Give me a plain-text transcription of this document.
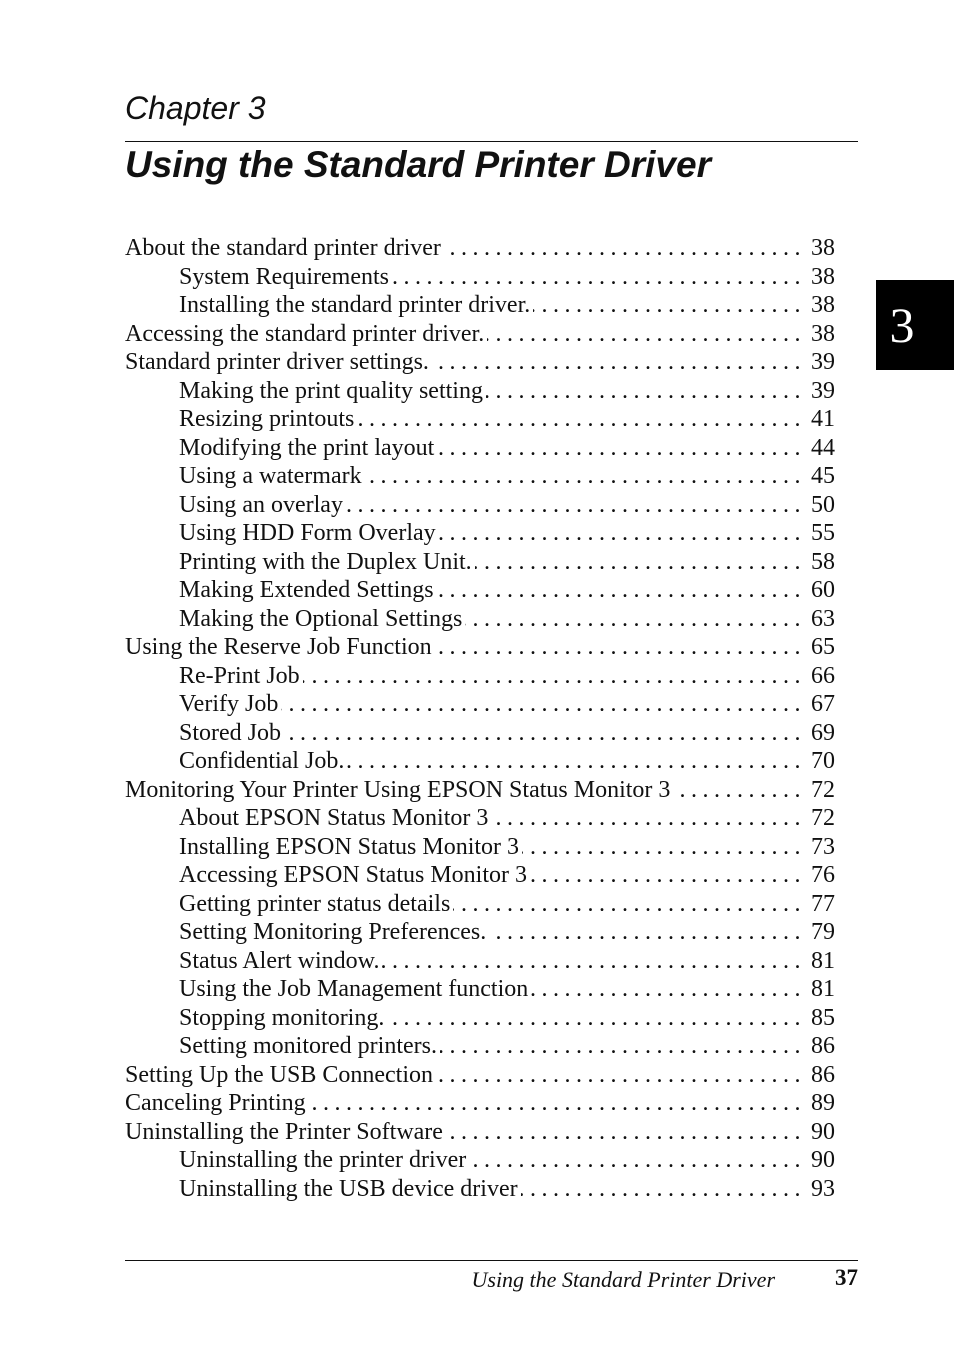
Chapter 3
Using the Standard Printer Driver
3
About the standard printer driver .....	38
System Requirements .....	38
Installing the standard printer driver. .....	38
Accessing the standard printer driver. .....	38
Standard printer driver settings. .....	39
Making the print quality setting .....	39
Resizing printouts .....	41
Modifying the print layout .....	44
Using a watermark .....	45
Using an overlay .....	50
Using HDD Form Overlay .....	55
Printing with the Duplex Unit. .....	58
Making Extended Settings .....	60
Making the Optional Settings .....	63
Using the Reserve Job Function .....	65
Re-Print Job .....	66
Verify Job .....	67
Stored Job .....	69
Confidential Job. .....	70
Monitoring Your Printer Using EPSON Status Monitor 3 .....	72
About EPSON Status Monitor 3 .....	72
Installing EPSON Status Monitor 3 .....	73
Accessing EPSON Status Monitor 3 .....	76
Getting printer status details .....	77
Setting Monitoring Preferences. .....	79
Status Alert window. .....	81
Using the Job Management function .....	81
Stopping monitoring. .....	85
Setting monitored printers. .....	86
Setting Up the USB Connection .....	86
Canceling Printing .....	89
Uninstalling the Printer Software .....	90
Uninstalling the printer driver .....	90
Uninstalling the USB device driver .....	93
Using the Standard Printer Driver	37
